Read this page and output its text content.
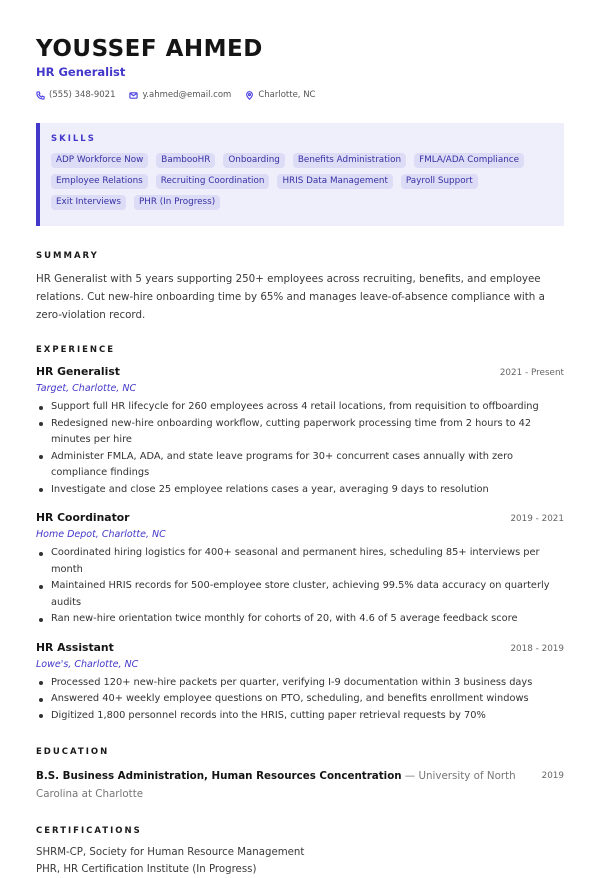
YOUSSEF AHMED
HR Generalist
(555) 348-9021	y.ahmed@email.com	Charlotte, NC
SKILLS
ADP Workforce Now	BambooHR	Onboarding	Benefits Administration	FMLA/ADA Compliance
Employee Relations	Recruiting Coordination	HRIS Data Management	Payroll Support
Exit Interviews	PHR (In Progress)
SUMMARY
HR Generalist with 5 years supporting 250+ employees across recruiting, benefits, and employee relations. Cut new-hire onboarding time by 65% and manages leave-of-absence compliance with a zero-violation record.
EXPERIENCE
HR Generalist	2021 - Present
Target, Charlotte, NC
Support full HR lifecycle for 260 employees across 4 retail locations, from requisition to offboarding
Redesigned new-hire onboarding workflow, cutting paperwork processing time from 2 hours to 42 minutes per hire
Administer FMLA, ADA, and state leave programs for 30+ concurrent cases annually with zero compliance findings
Investigate and close 25 employee relations cases a year, averaging 9 days to resolution
HR Coordinator	2019 - 2021
Home Depot, Charlotte, NC
Coordinated hiring logistics for 400+ seasonal and permanent hires, scheduling 85+ interviews per month
Maintained HRIS records for 500-employee store cluster, achieving 99.5% data accuracy on quarterly audits
Ran new-hire orientation twice monthly for cohorts of 20, with 4.6 of 5 average feedback score
HR Assistant	2018 - 2019
Lowe's, Charlotte, NC
Processed 120+ new-hire packets per quarter, verifying I-9 documentation within 3 business days
Answered 40+ weekly employee questions on PTO, scheduling, and benefits enrollment windows
Digitized 1,800 personnel records into the HRIS, cutting paper retrieval requests by 70%
EDUCATION
B.S. Business Administration, Human Resources Concentration — University of North Carolina at Charlotte
2019
CERTIFICATIONS
SHRM-CP, Society for Human Resource Management
PHR, HR Certification Institute (In Progress)
